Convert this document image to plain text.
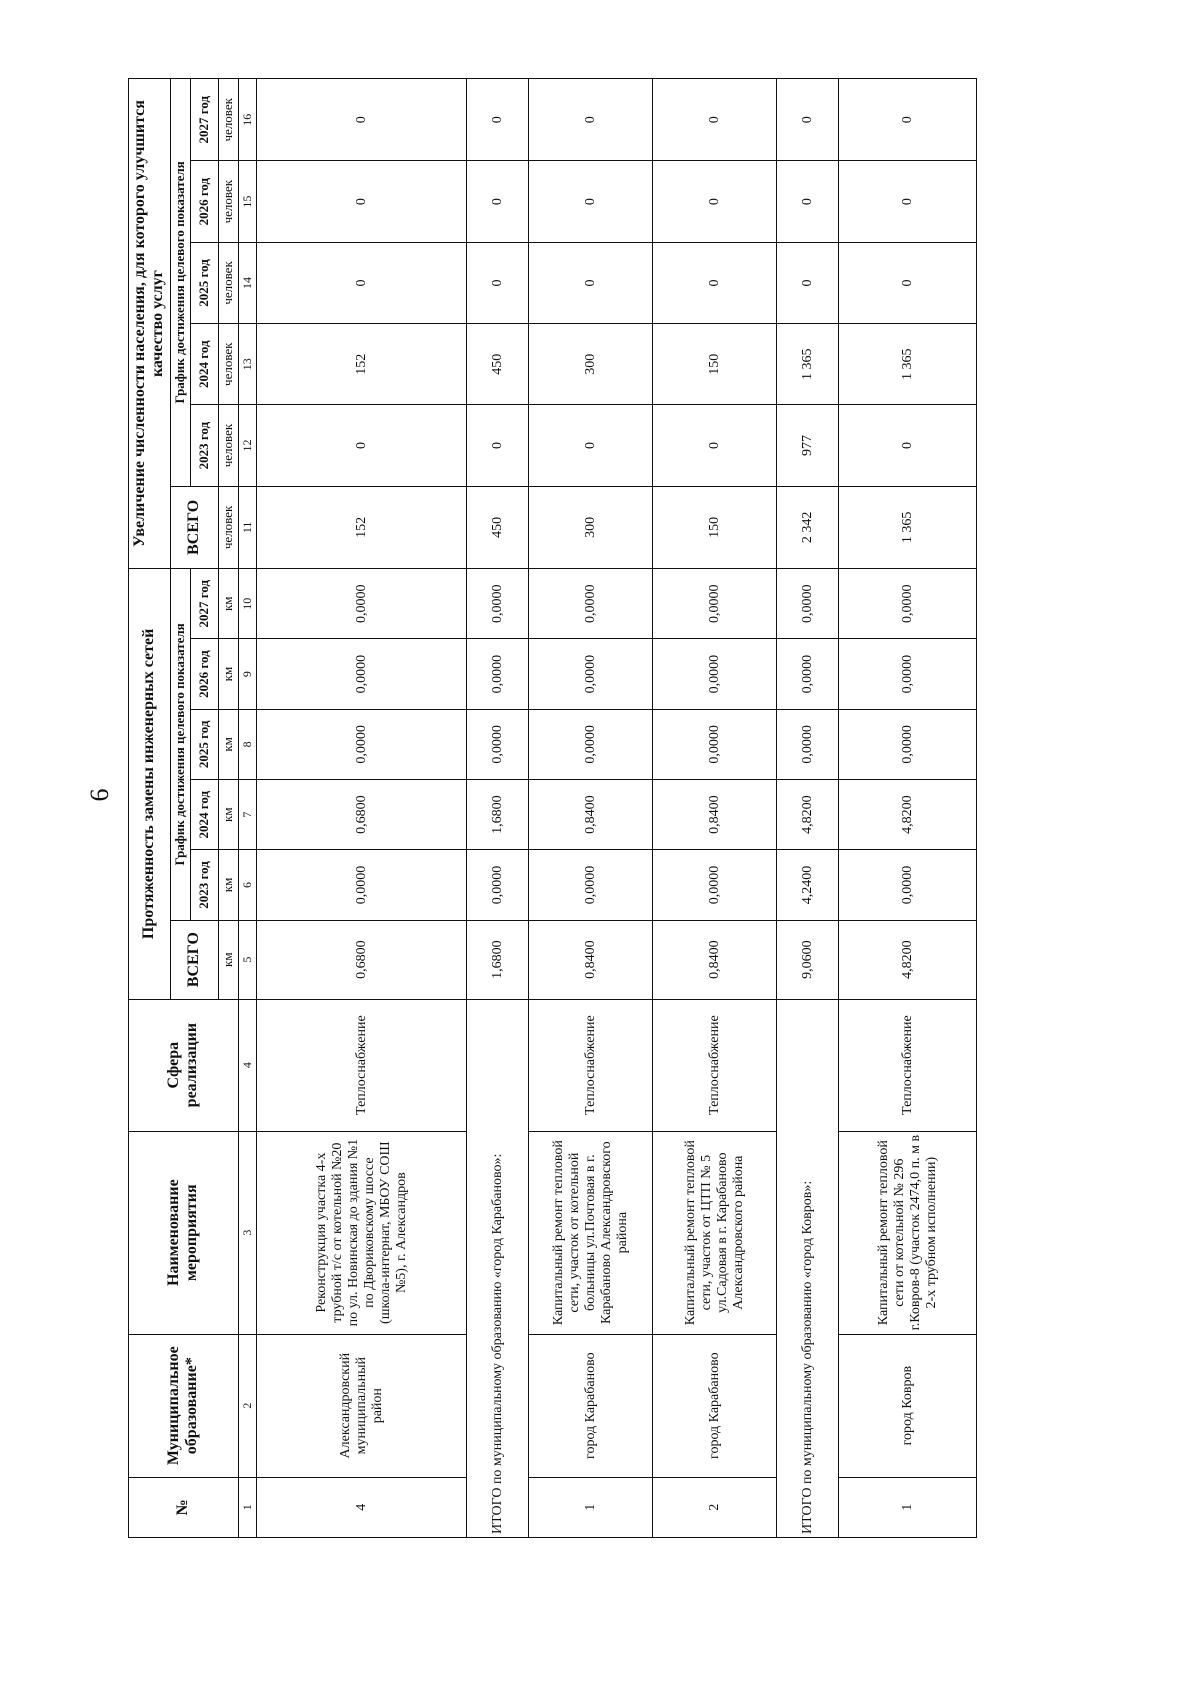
6
№	Муниципальное образование*	Наименование мероприятия	Сфера реализации	Протяженность замены инженерных сетей						Увеличение численности населения, для которого улучшится качество услуг					
				ВСЕГО	График достижения целевого показателя					ВСЕГО	График достижения целевого показателя				
					2023 год	2024 год	2025 год	2026 год	2027 год		2023 год	2024 год	2025 год	2026 год	2027 год
				км	км	км	км	км	км	человек	человек	человек	человек	человек	человек
1	2	3	4	5	6	7	8	9	10	11	12	13	14	15	16
4	Александровский муниципальный район	Реконструкция участка 4-х трубной т/с от котельной №20 по ул. Новинская до здания №1 по Двориковскому шоссе (школа-интернат, МБОУ СОШ №5), г. Александров	Теплоснабжение	0,6800	0,0000	0,6800	0,0000	0,0000	0,0000	152	0	152	0	0	0
ИТОГО по муниципальному образованию «город Карабаново»:				1,6800	0,0000	1,6800	0,0000	0,0000	0,0000	450	0	450	0	0	0
1	город Карабаново	Капитальный ремонт тепловой сети, участок от котельной больницы ул.Почтовая в г. Карабаново Александровского района	Теплоснабжение	0,8400	0,0000	0,8400	0,0000	0,0000	0,0000	300	0	300	0	0	0
2	город Карабаново	Капитальный ремонт тепловой сети, участок от ЦТП № 5 ул.Садовая в г. Карабаново Александровского района	Теплоснабжение	0,8400	0,0000	0,8400	0,0000	0,0000	0,0000	150	0	150	0	0	0
ИТОГО по муниципальному образованию «город Ковров»:				9,0600	4,2400	4,8200	0,0000	0,0000	0,0000	2 342	977	1 365	0	0	0
1	город Ковров	Капитальный ремонт тепловой сети от котельной № 296 г.Ковров-8 (участок 2474,0 п. м в 2-х трубном исполнении)	Теплоснабжение	4,8200	0,0000	4,8200	0,0000	0,0000	0,0000	1 365	0	1 365	0	0	0
